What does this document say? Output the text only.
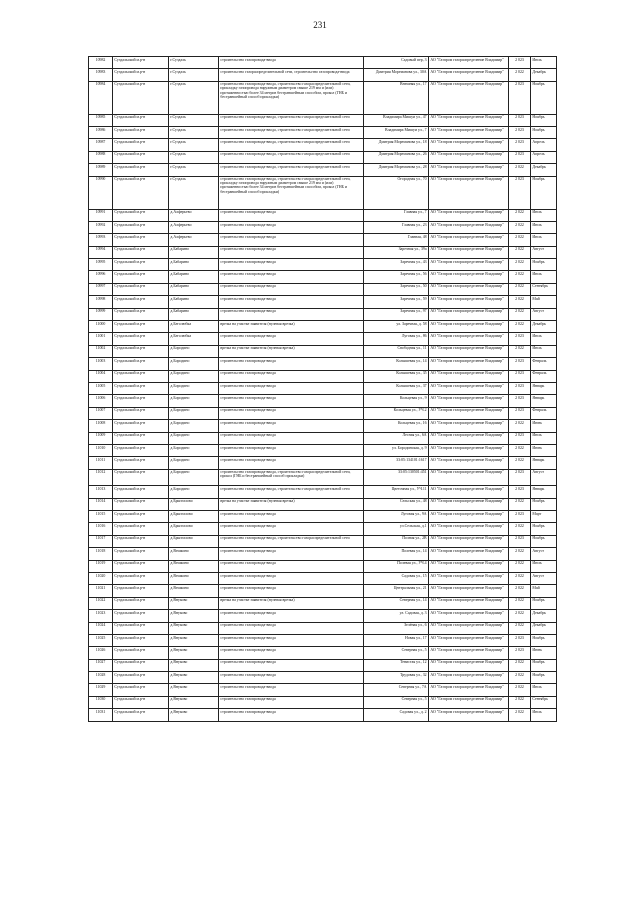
231
10982	Суздальский м.р-н	г.Суздаль	строительство газопровода-ввода	Садовый пер, 3	АО "Газпром газораспределение Владимир"	2 023	Июль
10983	Суздальский м.р-н	г.Суздаль	строительство газораспределительной сети, строительство газопровода-ввода	Дмитрия Мореманова ул., 30А	АО "Газпром газораспределение Владимир"	2 022	Декабрь
10984	Суздальский м.р-н	г.Суздаль	строительство газопровода-ввода, строительство газораспределительной сети, прокладку газопровода наружным диаметром свыше 219 мм и (или) протяженностью более 34 метров бестраншейным способом, прокол (ГНБ и бестраншейный способ прокладки)	Внешняя ул., 17	АО "Газпром газораспределение Владимир"	2 023	Ноябрь
10985	Суздальский м.р-н	г.Суздаль	строительство газопровода-ввода, строительство газораспределительной сети	Владимира Мишуи ул., 47	АО "Газпром газораспределение Владимир"	2 023	Ноябрь
10986	Суздальский м.р-н	г.Суздаль	строительство газопровода-ввода, строительство газораспределительной сети	Владимира Мишуи ул., 7	АО "Газпром газораспределение Владимир"	2 023	Ноябрь
10987	Суздальский м.р-н	г.Суздаль	строительство газопровода-ввода, строительство газораспределительной сети	Дмитрия Мореманова ул., 18	АО "Газпром газораспределение Владимир"	2 023	Апрель
10988	Суздальский м.р-н	г.Суздаль	строительство газопровода-ввода, строительство газораспределительной сети	Дмитрия Мореманова ул., 26	АО "Газпром газораспределение Владимир"	2 023	Апрель
10989	Суздальский м.р-н	г.Суздаль	строительство газопровода-ввода, строительство газораспределительной сети	Дмитрия Мореманова ул., 28	АО "Газпром газораспределение Владимир"	2 022	Декабрь
10990	Суздальский м.р-н	г.Суздаль	строительство газопровода-ввода, строительство газораспределительной сети, прокладку газопровода наружным диаметром свыше 219 мм и (или) протяженностью более 34 метров бестраншейным способом, прокол (ГНБ и бестраншейный способ прокладки)	Огородная ул., 70	АО "Газпром газораспределение Владимир"	2 023	Ноябрь
10991	Суздальский м.р-н	д.Алферьево	строительство газопровода-ввода	Главная ул., 7	АО "Газпром газораспределение Владимир"	2 022	Июль
10992	Суздальский м.р-н	д.Алферьево	строительство газопровода-ввода	Главная ул., 23	АО "Газпром газораспределение Владимир"	2 022	Июль
10993	Суздальский м.р-н	д.Алферьево	строительство газопровода-ввода	Главная, 48	АО "Газпром газораспределение Владимир"	2 022	Июль
10994	Суздальский м.р-н	д.Бабарино	строительство газопровода-ввода	Заречная ул., 39а	АО "Газпром газораспределение Владимир"	2 022	Август
10995	Суздальский м.р-н	д.Бабарино	строительство газопровода-ввода	Заречная ул., 43	АО "Газпром газораспределение Владимир"	2 022	Ноябрь
10996	Суздальский м.р-н	д.Бабарино	строительство газопровода-ввода	Заречная ул., 56	АО "Газпром газораспределение Владимир"	2 022	Июль
10997	Суздальский м.р-н	д.Бабарино	строительство газопровода-ввода	Заречная ул., 50	АО "Газпром газораспределение Владимир"	2 022	Сентябрь
10998	Суздальский м.р-н	д.Бабарино	строительство газопровода-ввода	Заречная ул., 59	АО "Газпром газораспределение Владимир"	2 022	Май
10999	Суздальский м.р-н	д.Бабарино	строительство газопровода-ввода	Заречная ул., 97	АО "Газпром газораспределение Владимир"	2 022	Август
11000	Суздальский м.р-н	д.Беголюбка	врезка на участке заявителя (нулевая врезка)	ул. Заречная, д. 58	АО "Газпром газораспределение Владимир"	2 022	Декабрь
11001	Суздальский м.р-н	д.Беголюбка	строительство газопровода-ввода	Луговая ул., 86	АО "Газпром газораспределение Владимир"	2 023	Июль
11002	Суздальский м.р-н	д.Бородино	врезка на участке заявителя (нулевая врезка)	Свободная ул., 11	АО "Газпром газораспределение Владимир"	2 022	Июль
11003	Суздальский м.р-н	д.Бородино	строительство газопровода-ввода	Колышевая ул., 14	АО "Газпром газораспределение Владимир"	2 023	Февраль
11004	Суздальский м.р-н	д.Бородино	строительство газопровода-ввода	Колышевая ул., 35	АО "Газпром газораспределение Владимир"	2 023	Февраль
11005	Суздальский м.р-н	д.Бородино	строительство газопровода-ввода	Колышевая ул., 37	АО "Газпром газораспределение Владимир"	2 023	Январь
11006	Суздальский м.р-н	д.Бородино	строительство газопровода-ввода	Кольцевая ул., 9	АО "Газпром газораспределение Владимир"	2 023	Январь
11007	Суздальский м.р-н	д.Бородино	строительство газопровода-ввода	Кольцевая ул., УЧ.2	АО "Газпром газораспределение Владимир"	2 023	Февраль
11008	Суздальский м.р-н	д.Бородино	строительство газопровода-ввода	Кольцевая ул., 16	АО "Газпром газораспределение Владимир"	2 022	Июнь
11009	Суздальский м.р-н	д.Бородино	строительство газопровода-ввода	Лесная ул., 6А	АО "Газпром газораспределение Владимир"	2 023	Июль
11010	Суздальский м.р-н	д.Бородино	строительство газопровода-ввода	ул. Бородинская, д. 9	АО "Газпром газораспределение Владимир"	2 022	Июнь
11011	Суздальский м.р-н	д.Бородино	строительство газопровода-ввода	33:05:134101:1617	АО "Газпром газораспределение Владимир"	2 022	Январь
11012	Суздальский м.р-н	д.Бородино	строительство газопровода-ввода, строительство газораспределительной сети, прокол (ГНБ и бестраншейный способ прокладки)	33:05:130501:451	АО "Газпром газораспределение Владимир"	2 023	Август
11013	Суздальский м.р-н	д.Бородино	строительство газопровода-ввода, строительство газораспределительной сети	Цветочная ул., УЧ.11	АО "Газпром газораспределение Владимир"	2 023	Январь
11014	Суздальский м.р-н	д.Брызгалово	врезка на участке заявителя (нулевая врезка)	Сельская ул., 48	АО "Газпром газораспределение Владимир"	2 022	Ноябрь
11015	Суздальский м.р-н	д.Брызгалово	строительство газопровода-ввода	Луговая ул., 9А	АО "Газпром газораспределение Владимир"	2 023	Март
11016	Суздальский м.р-н	д.Брызгалово	строительство газопровода-ввода	ул.Сельская, д.1	АО "Газпром газораспределение Владимир"	2 022	Ноябрь
11017	Суздальский м.р-н	д.Брызгалово	строительство газопровода-ввода, строительство газораспределительной сети	Полная ул., 2В	АО "Газпром газораспределение Владимир"	2 023	Ноябрь
11018	Суздальский м.р-н	д.Вешкино	строительство газопровода-ввода	Полевая ул., 14	АО "Газпром газораспределение Владимир"	2 022	Август
11019	Суздальский м.р-н	д.Вешкино	строительство газопровода-ввода	Полевая ул., УЧ.4	АО "Газпром газораспределение Владимир"	2 022	Июль
11020	Суздальский м.р-н	д.Вешкино	строительство газопровода-ввода	Садовая ул., 15	АО "Газпром газораспределение Владимир"	2 022	Август
11021	Суздальский м.р-н	д.Вешкино	строительство газопровода-ввода	Центральная ул., 21	АО "Газпром газораспределение Владимир"	2 022	Май
11022	Суздальский м.р-н	д.Внуково	врезка на участке заявителя (нулевая врезка)	Северная ул., 14	АО "Газпром газораспределение Владимир"	2 022	Ноябрь
11023	Суздальский м.р-н	д.Внуково	строительство газопровода-ввода	ул. Садовая, д. 3	АО "Газпром газораспределение Владимир"	2 022	Декабрь
11024	Суздальский м.р-н	д.Внуково	строительство газопровода-ввода	Зелёная ул., 6	АО "Газпром газораспределение Владимир"	2 022	Декабрь
11025	Суздальский м.р-н	д.Внуково	строительство газопровода-ввода	Новая ул., 17	АО "Газпром газораспределение Владимир"	2 023	Ноябрь
11026	Суздальский м.р-н	д.Внуково	строительство газопровода-ввода	Северная ул., 5	АО "Газпром газораспределение Владимир"	2 023	Июнь
11027	Суздальский м.р-н	д.Внуково	строительство газопровода-ввода	Тенистая ул., 12	АО "Газпром газораспределение Владимир"	2 022	Ноябрь
11028	Суздальский м.р-н	д.Внуково	строительство газопровода-ввода	Трудовая ул., 32	АО "Газпром газораспределение Владимир"	2 022	Ноябрь
11029	Суздальский м.р-н	д.Внуково	строительство газопровода-ввода	Северная ул., 7А	АО "Газпром газораспределение Владимир"	2 022	Июль
11030	Суздальский м.р-н	д.Внуково	строительство газопровода-ввода	Северная ул., 5	АО "Газпром газораспределение Владимир"	2 022	Сентябрь
11031	Суздальский м.р-н	д.Внуково	строительство газопровода-ввода	Садовая ул., д. 2	АО "Газпром газораспределение Владимир"	2 022	Июль
